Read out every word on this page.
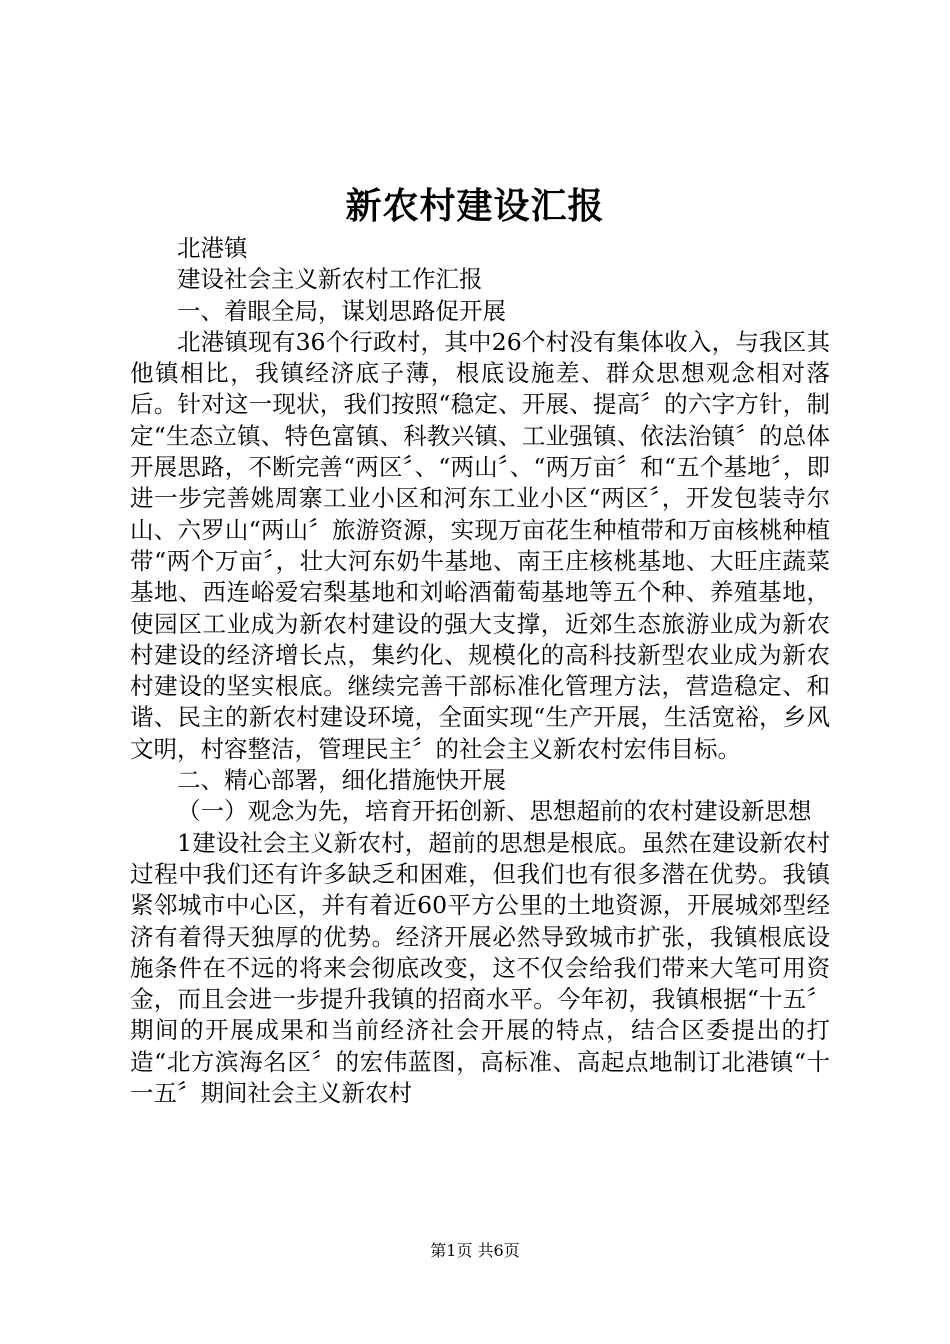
新农村建设汇报

北港镇

建设社会主义新农村工作汇报

一、着眼全局，谋划思路促开展

北港镇现有36个行政村，其中26个村没有集体收入，与我区其他镇相比，我镇经济底子薄，根底设施差、群众思想观念相对落后。针对这一现状，我们按照“稳定、开展、提高〞的六字方针，制定“生态立镇、特色富镇、科教兴镇、工业强镇、依法治镇〞的总体开展思路，不断完善“两区〞、“两山〞、“两万亩〞和“五个基地〞，即进一步完善姚周寨工业小区和河东工业小区“两区〞，开发包装寺尔山、六罗山“两山〞旅游资源，实现万亩花生种植带和万亩核桃种植带“两个万亩〞，壮大河东奶牛基地、南王庄核桃基地、大旺庄蔬菜基地、西连峪爱宕梨基地和刘峪酒葡萄基地等五个种、养殖基地，使园区工业成为新农村建设的强大支撑，近郊生态旅游业成为新农村建设的经济增长点，集约化、规模化的高科技新型农业成为新农村建设的坚实根底。继续完善干部标准化管理方法，营造稳定、和谐、民主的新农村建设环境，全面实现“生产开展，生活宽裕，乡风文明，村容整洁，管理民主〞的社会主义新农村宏伟目标。

二、精心部署，细化措施快开展

（一）观念为先，培育开拓创新、思想超前的农村建设新思想

1建设社会主义新农村，超前的思想是根底。虽然在建设新农村过程中我们还有许多缺乏和困难，但我们也有很多潜在优势。我镇紧邻城市中心区，并有着近60平方公里的土地资源，开展城郊型经济有着得天独厚的优势。经济开展必然导致城市扩张，我镇根底设施条件在不远的将来会彻底改变，这不仅会给我们带来大笔可用资金，而且会进一步提升我镇的招商水平。今年初，我镇根据“十五〞期间的开展成果和当前经济社会开展的特点，结合区委提出的打造“北方滨海名区〞的宏伟蓝图，高标准、高起点地制订北港镇“十一五〞期间社会主义新农村

第1页 共6页
